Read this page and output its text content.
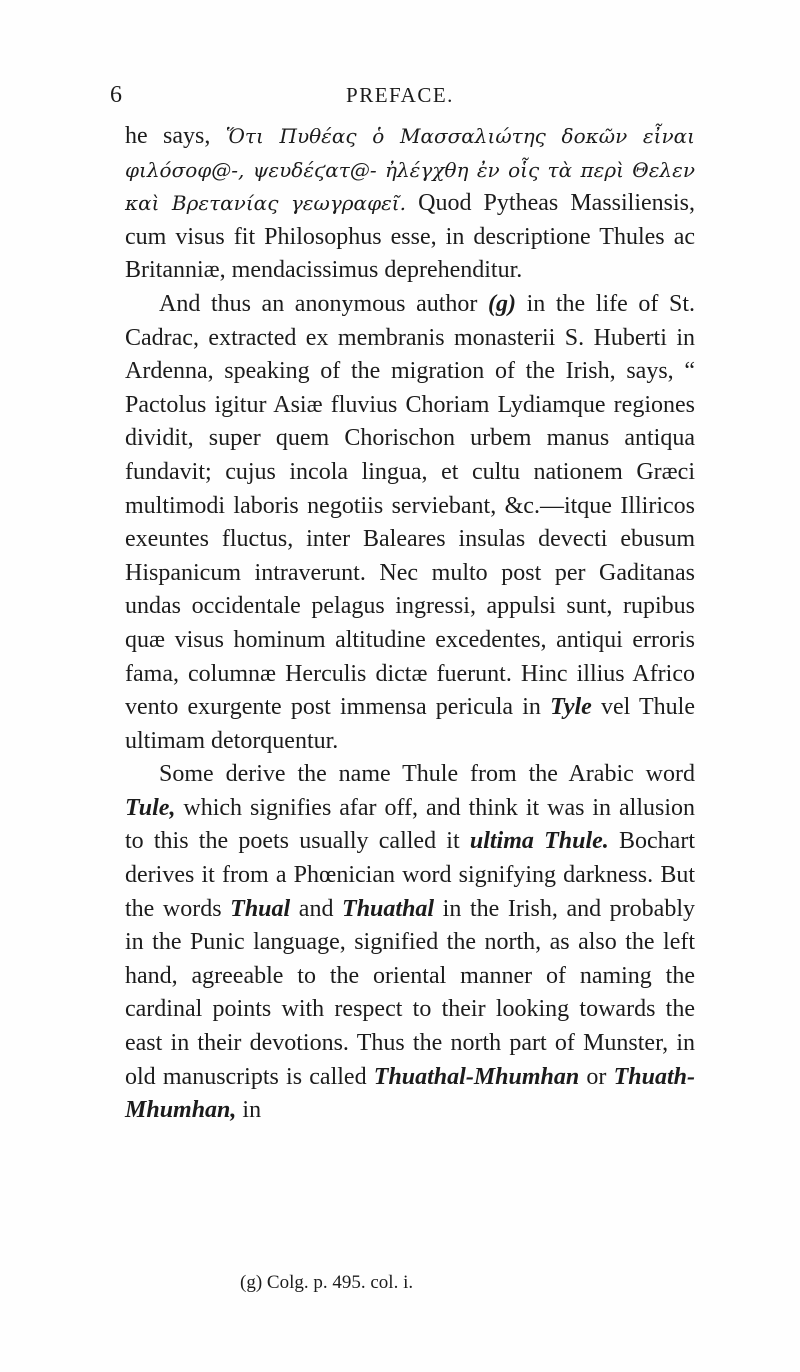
6	PREFACE.

he says, Ὅτι Πυθέας ὁ Μασσαλιώτης δοκῶν εἶναι φιλόσοφ@-, ψευδέϛατ@- ἠλέγχθη ἐν οἷς τὰ περὶ Θελεν καὶ Βρετανίας γεωγραφεῖ. Quod Pytheas Massiliensis, cum visus fit Philosophus esse, in descriptione Thules ac Britanniæ, mendacissimus deprehenditur.

And thus an anonymous author (g) in the life of St. Cadrac, extracted ex membranis monasterii S. Huberti in Ardenna, speaking of the migration of the Irish, says, “ Pactolus igitur Asiæ fluvius Choriam Lydiamque regiones dividit, super quem Chorischon urbem manus antiqua fundavit; cujus incola lingua, et cultu nationem Græci multimodi laboris negotiis serviebant, &c.—itque Illiricos exeuntes fluctus, inter Baleares insulas devecti ebusum Hispanicum intraverunt. Nec multo post per Gaditanas undas occidentale pelagus ingressi, appulsi sunt, rupibus quæ visus hominum altitudine excedentes, antiqui erroris fama, columnæ Herculis dictæ fuerunt. Hinc illius Africo vento exurgente post immensa pericula in Tyle vel Thule ultimam detorquentur.

Some derive the name Thule from the Arabic word Tule, which signifies afar off, and think it was in allusion to this the poets usually called it ultima Thule. Bochart derives it from a Phœnician word signifying darkness. But the words Thual and Thuathal in the Irish, and probably in the Punic language, signified the north, as also the left hand, agreeable to the oriental manner of naming the cardinal points with respect to their looking towards the east in their devotions. Thus the north part of Munster, in old manuscripts is called Thuathal-Mhumhan or Thuath-Mhumhan, in

(g) Colg. p. 495. col. i.
